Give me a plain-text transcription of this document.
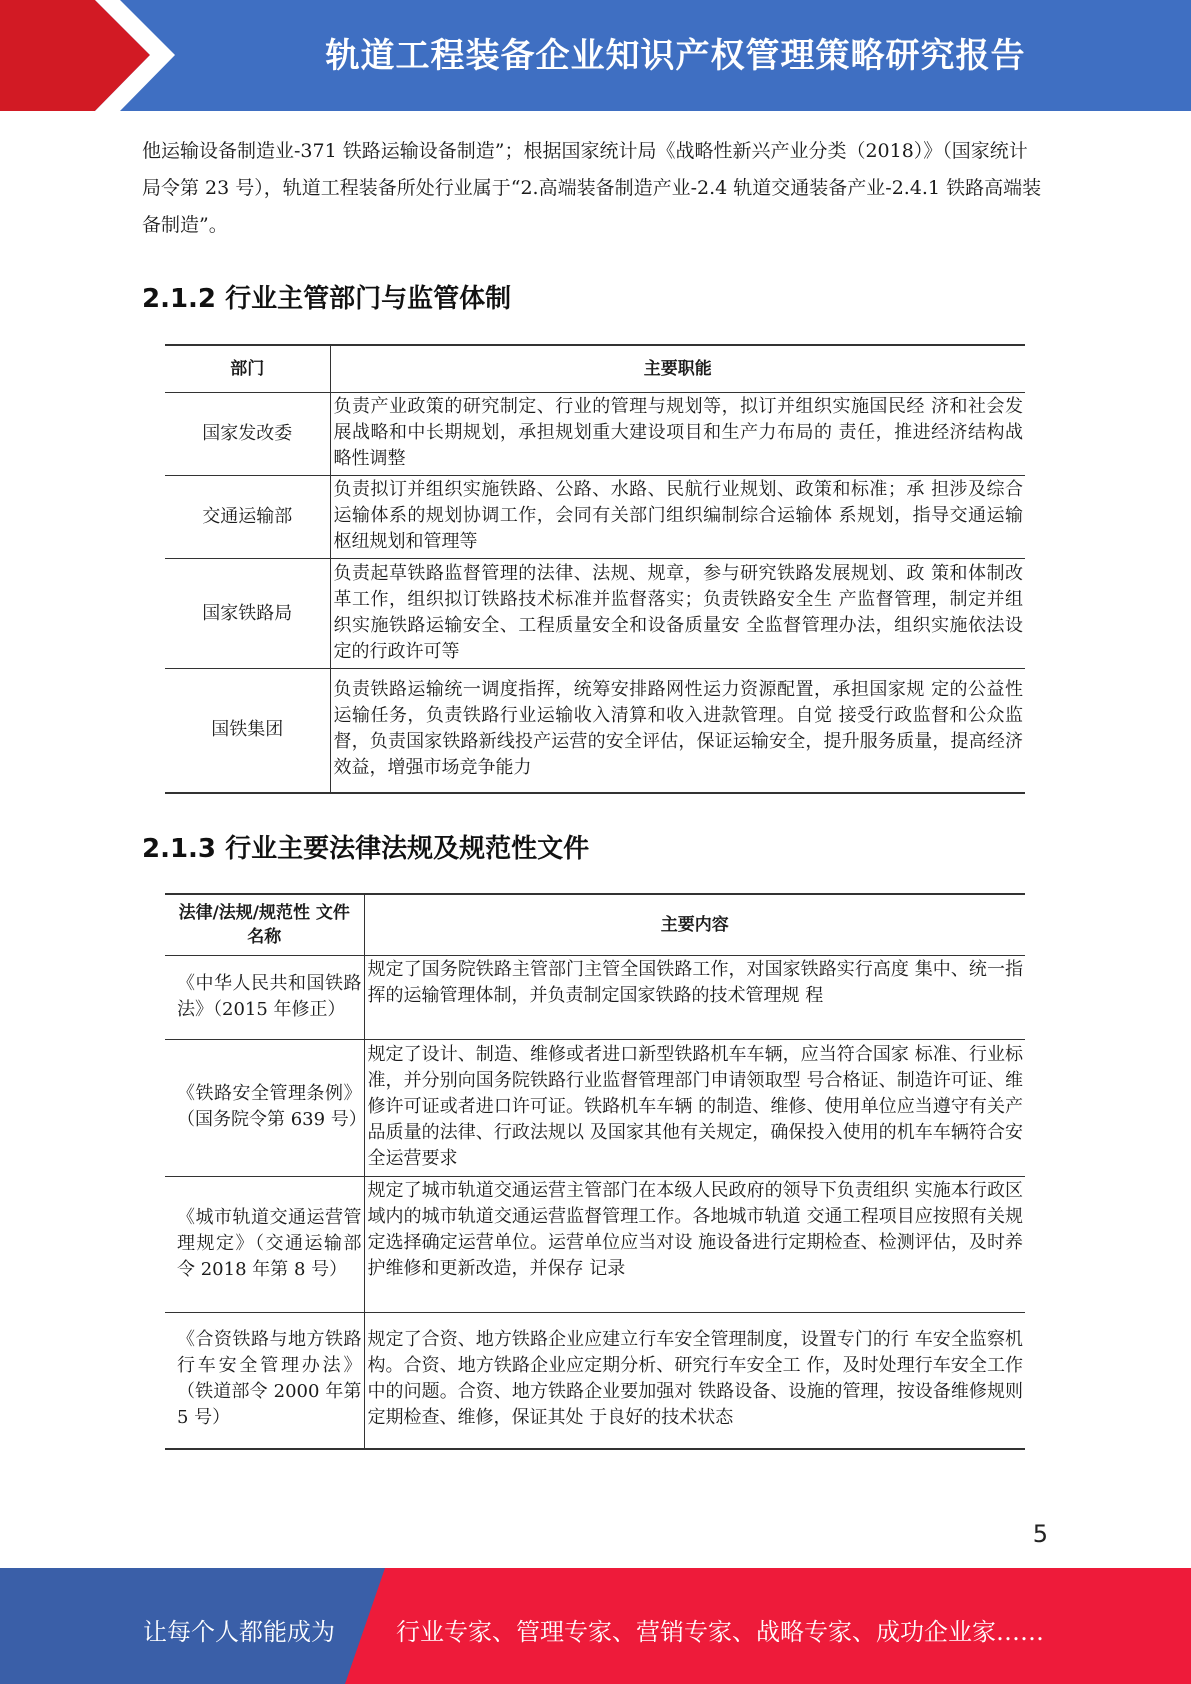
轨道工程装备企业知识产权管理策略研究报告
他运输设备制造业-371 铁路运输设备制造”；根据国家统计局《战略性新兴产业分类（2018）》（国家统计局令第 23 号），轨道工程装备所处行业属于“2.高端装备制造产业-2.4 轨道交通装备产业-2.4.1 铁路高端装备制造”。
2.1.2 行业主管部门与监管体制
部门	主要职能
国家发改委	负责产业政策的研究制定、行业的管理与规划等，拟订并组织实施国民经 济和社会发展战略和中长期规划，承担规划重大建设项目和生产力布局的 责任，推进经济结构战略性调整
交通运输部	负责拟订并组织实施铁路、公路、水路、民航行业规划、政策和标准；承 担涉及综合运输体系的规划协调工作，会同有关部门组织编制综合运输体 系规划，指导交通运输枢纽规划和管理等
国家铁路局	负责起草铁路监督管理的法律、法规、规章，参与研究铁路发展规划、政 策和体制改革工作，组织拟订铁路技术标准并监督落实；负责铁路安全生 产监督管理，制定并组织实施铁路运输安全、工程质量安全和设备质量安 全监督管理办法，组织实施依法设定的行政许可等
国铁集团	负责铁路运输统一调度指挥，统筹安排路网性运力资源配置，承担国家规 定的公益性运输任务，负责铁路行业运输收入清算和收入进款管理。自觉 接受行政监督和公众监督，负责国家铁路新线投产运营的安全评估，保证运输安全，提升服务质量，提高经济效益，增强市场竞争能力
2.1.3 行业主要法律法规及规范性文件
法律/法规/规范性 文件名称	主要内容
《中华人民共和国铁路法》（2015 年修正）	规定了国务院铁路主管部门主管全国铁路工作，对国家铁路实行高度 集中、统一指挥的运输管理体制，并负责制定国家铁路的技术管理规 程
《铁路安全管理条例》（国务院令第 639 号）	规定了设计、制造、维修或者进口新型铁路机车车辆，应当符合国家 标准、行业标准，并分别向国务院铁路行业监督管理部门申请领取型 号合格证、制造许可证、维修许可证或者进口许可证。铁路机车车辆 的制造、维修、使用单位应当遵守有关产品质量的法律、行政法规以 及国家其他有关规定，确保投入使用的机车车辆符合安全运营要求
《城市轨道交通运营管理规定》（交通运输部令 2018 年第 8 号）	规定了城市轨道交通运营主管部门在本级人民政府的领导下负责组织 实施本行政区域内的城市轨道交通运营监督管理工作。各地城市轨道 交通工程项目应按照有关规定选择确定运营单位。运营单位应当对设 施设备进行定期检查、检测评估，及时养护维修和更新改造，并保存 记录
《合资铁路与地方铁路行车安全管理办法》（铁道部令 2000 年第 5 号）	规定了合资、地方铁路企业应建立行车安全管理制度，设置专门的行 车安全监察机构。合资、地方铁路企业应定期分析、研究行车安全工 作，及时处理行车安全工作中的问题。合资、地方铁路企业要加强对 铁路设备、设施的管理，按设备维修规则定期检查、维修，保证其处 于良好的技术状态
5
让每个人都能成为	行业专家、管理专家、营销专家、战略专家、成功企业家……
